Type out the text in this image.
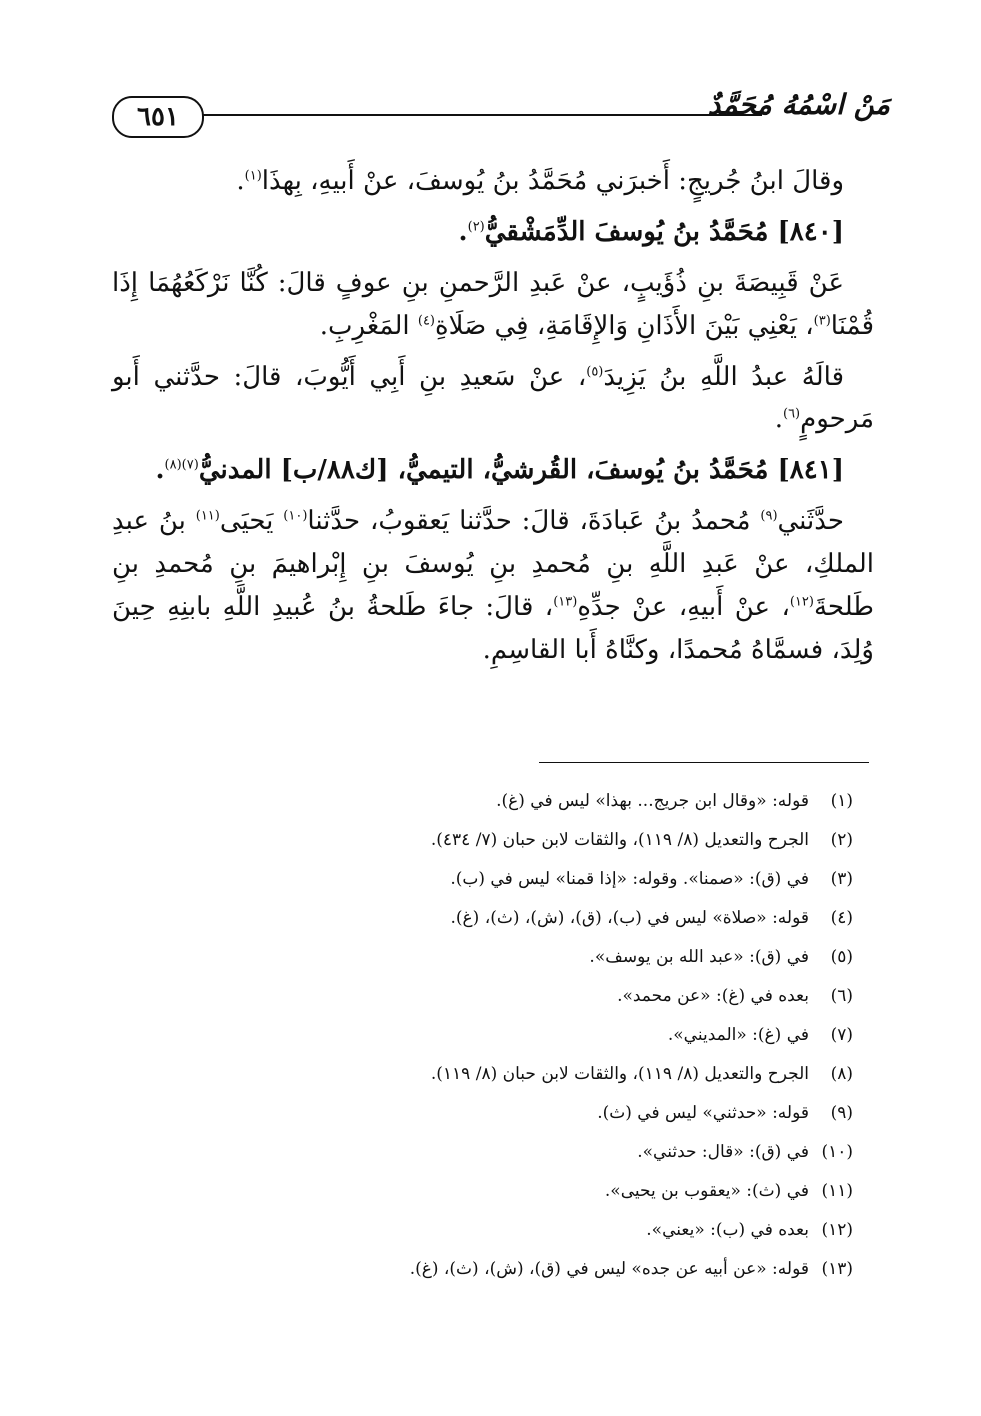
٦٥١	مَنْ اسْمُهُ مُحَمَّدٌ

وقالَ ابنُ جُريجٍ: أَخبرَني مُحَمَّدُ بنُ يُوسفَ، عنْ أَبيهِ، بِهذَا$^{(١)}$.

[٨٤٠] مُحَمَّدُ بنُ يُوسفَ الدِّمَشْقيُّ$^{(٢)}$.

عَنْ قَبِيصَةَ بنِ ذُؤَيبٍ، عنْ عَبدِ الرَّحمنِ بنِ عوفٍ قالَ: كُنَّا نَرْكَعُهُمَا إِذَا قُمْنَا$^{(٣)}$، يَعْنِي بَيْنَ الأَذَانِ وَالإِقَامَةِ، فِي صَلَاةِ$^{(٤)}$ المَغْرِبِ.

قالَهُ عبدُ اللَّهِ بنُ يَزِيدَ$^{(٥)}$، عنْ سَعيدِ بنِ أَبِي أَيُّوبَ، قالَ: حدَّثني أَبو مَرحومٍ$^{(٦)}$.

[٨٤١] مُحَمَّدُ بنُ يُوسفَ، القُرشيُّ، التيميُّ، [ك٨٨/ب] المدنيُّ$^{(٧)(٨)}$.

حدَّثَني$^{(٩)}$ مُحمدُ بنُ عَبادَةَ، قالَ: حدَّثنا يَعقوبُ، حدَّثنا$^{(١٠)}$ يَحيَى$^{(١١)}$ بنُ عبدِ الملكِ، عنْ عَبدِ اللَّهِ بنِ مُحمدِ بنِ يُوسفَ بنِ إِبْراهيمَ بنِ مُحمدِ بنِ طَلحةَ$^{(١٢)}$، عنْ أَبيهِ، عنْ جدِّهِ$^{(١٣)}$، قالَ: جاءَ طَلحةُ بنُ عُبيدِ اللَّهِ بابنِهِ حِينَ وُلِدَ، فسمَّاهُ مُحمدًا، وكنَّاهُ أَبا القاسِمِ.

(١)
قوله: «وقال ابن جريج... بهذا» ليس في (غ).
(٢)
الجرح والتعديل (٨/ ١١٩)، والثقات لابن حبان (٧/ ٤٣٤).
(٣)
في (ق): «صمنا». وقوله: «إذا قمنا» ليس في (ب).
(٤)
قوله: «صلاة» ليس في (ب)، (ق)، (ش)، (ث)، (غ).
(٥)
في (ق): «عبد الله بن يوسف».
(٦)
بعده في (غ): «عن محمد».
(٧)
في (غ): «المديني».
(٨)
الجرح والتعديل (٨/ ١١٩)، والثقات لابن حبان (٨/ ١١٩).
(٩)
قوله: «حدثني» ليس في (ث).
(١٠)
في (ق): «قال: حدثني».
(١١)
في (ث): «يعقوب بن يحيى».
(١٢)
بعده في (ب): «يعني».
(١٣)
قوله: «عن أبيه عن جده» ليس في (ق)، (ش)، (ث)، (غ).
